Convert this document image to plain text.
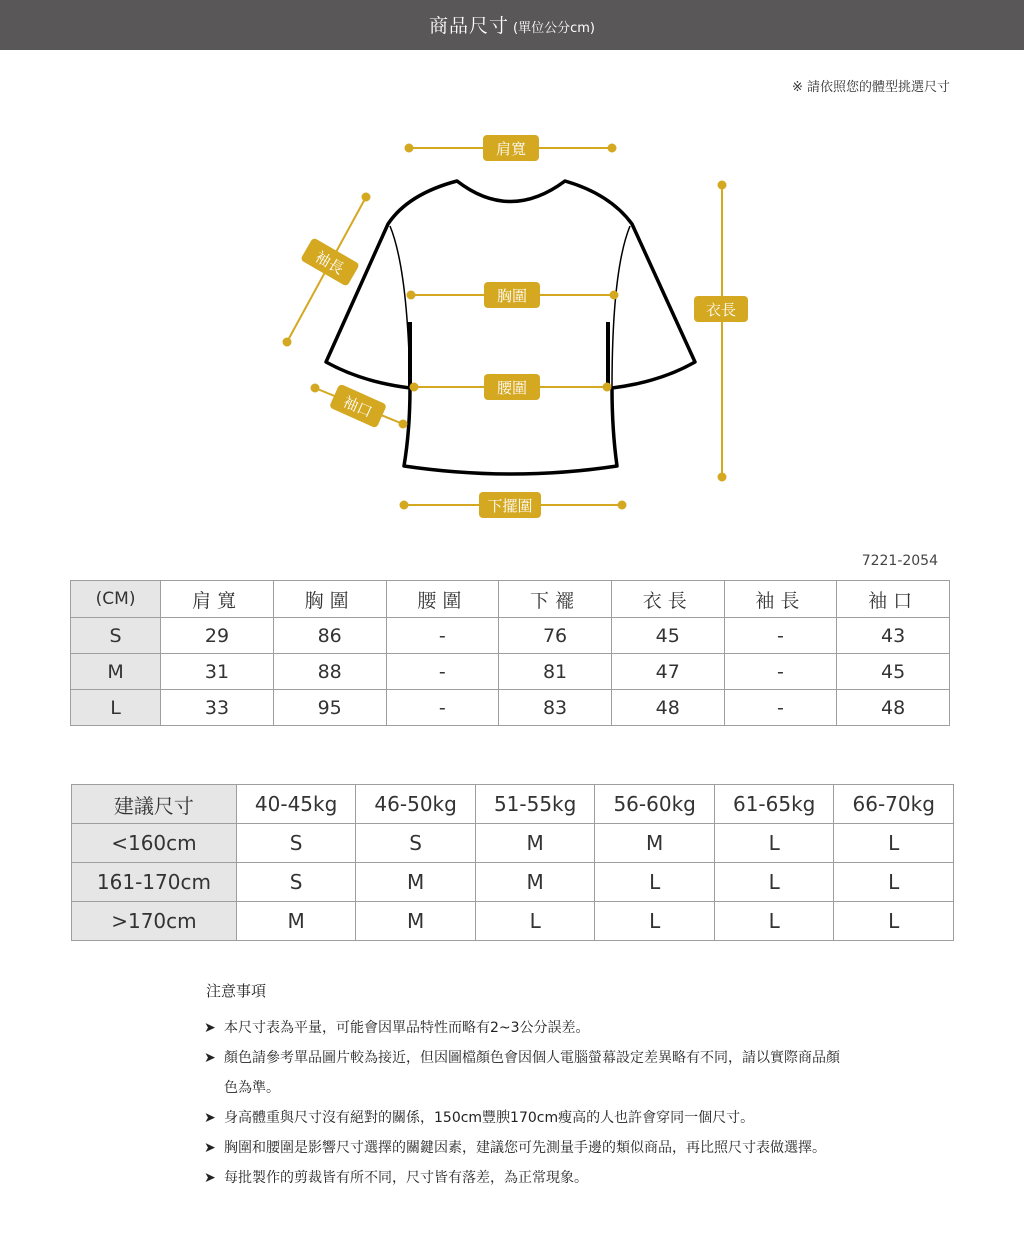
商品尺寸 (單位公分cm)
※ 請依照您的體型挑選尺寸
肩寬
袖長
胸圍
衣長
腰圍
袖口
下擺圍
7221-2054
(CM)	肩寬	胸圍	腰圍	下襬	衣長	袖長	袖口
S	29	86	-	76	45	-	43
M	31	88	-	81	47	-	45
L	33	95	-	83	48	-	48
建議尺寸	40-45kg	46-50kg	51-55kg	56-60kg	61-65kg	66-70kg
<160cm	S	S	M	M	L	L
161-170cm	S	M	M	L	L	L
>170cm	M	M	L	L	L	L
注意事項
➤ 本尺寸表為平量，可能會因單品特性而略有2~3公分誤差。
➤ 顏色請參考單品圖片較為接近，但因圖檔顏色會因個人電腦螢幕設定差異略有不同，請以實際商品顏色為準。
➤ 身高體重與尺寸沒有絕對的關係，150cm豐腴170cm瘦高的人也許會穿同一個尺寸。
➤ 胸圍和腰圍是影響尺寸選擇的關鍵因素，建議您可先測量手邊的類似商品，再比照尺寸表做選擇。
➤ 每批製作的剪裁皆有所不同，尺寸皆有落差，為正常現象。
